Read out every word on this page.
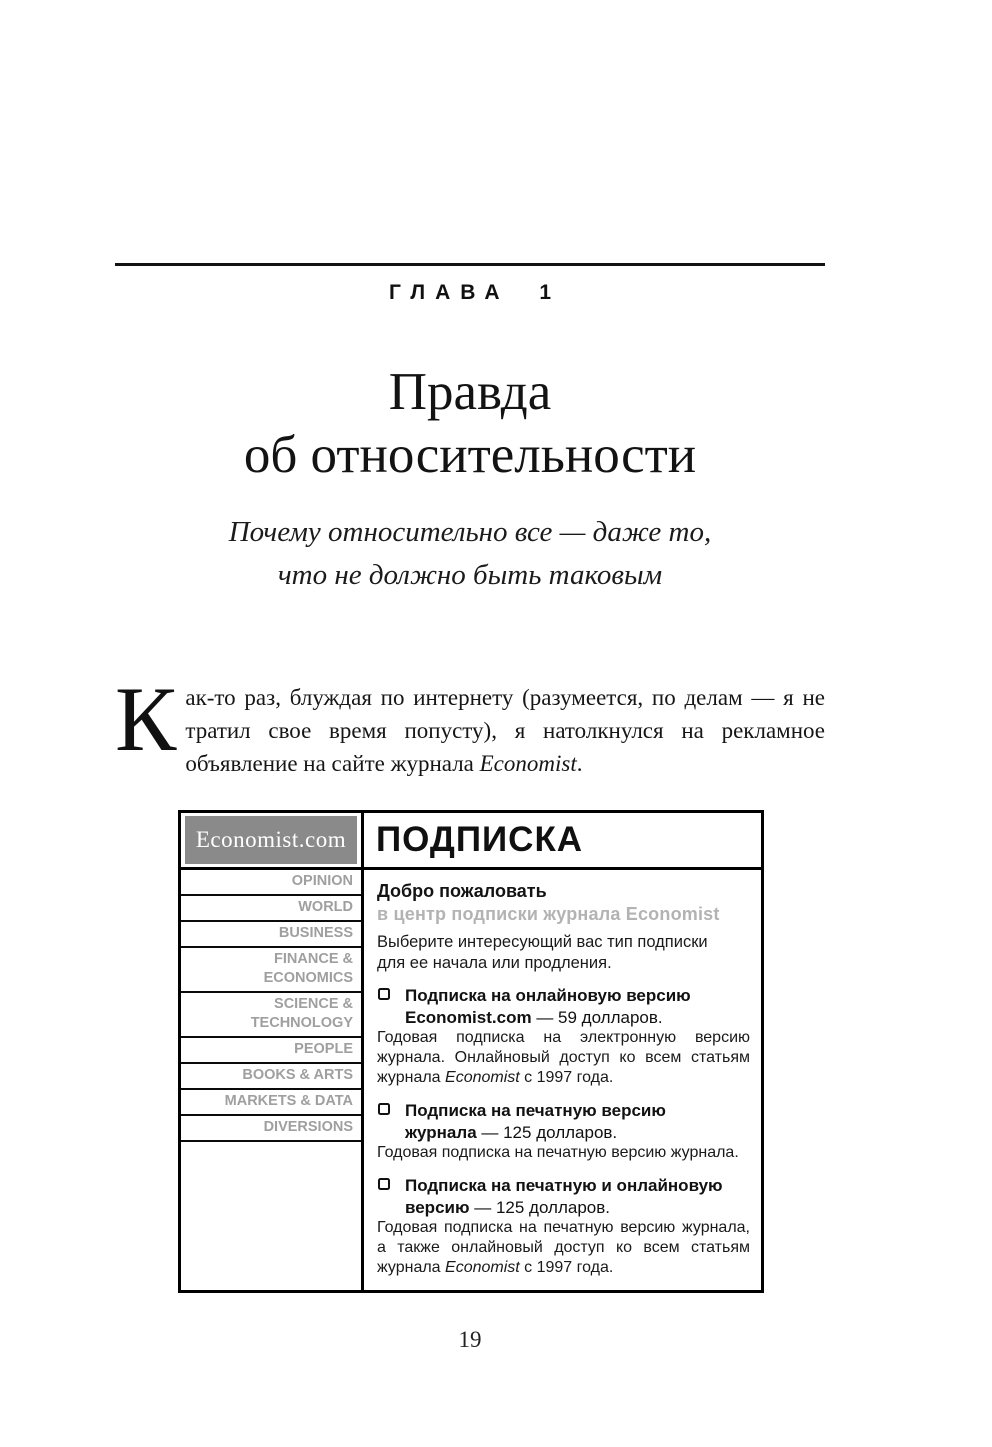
ГЛАВА 1
Правда
об относительности
Почему относительно все — даже то,
что не должно быть таковым

Как-то раз, блуждая по интернету (разумеется, по делам — я не тратил свое время попусту), я натолкнулся на рекламное объявление на сайте журнала Economist.

Economist.com
OPINION
WORLD
BUSINESS
FINANCE & ECONOMICS
SCIENCE & TECHNOLOGY
PEOPLE
BOOKS & ARTS
MARKETS & DATA
DIVERSIONS
ПОДПИСКА
Добро пожаловать
в центр подписки журнала Economist
Выберите интересующий вас тип подписки
для ее начала или продления.
Подписка на онлайновую версию
Economist.com — 59 долларов.
Годовая подписка на электронную версию журнала. Онлайновый доступ ко всем статьям журнала Economist с 1997 года.
Подписка на печатную версию
журнала — 125 долларов.
Годовая подписка на печатную версию журнала.
Подписка на печатную и онлайновую
версию — 125 долларов.
Годовая подписка на печатную версию журнала, а также онлайновый доступ ко всем статьям журнала Economist с 1997 года.
19
